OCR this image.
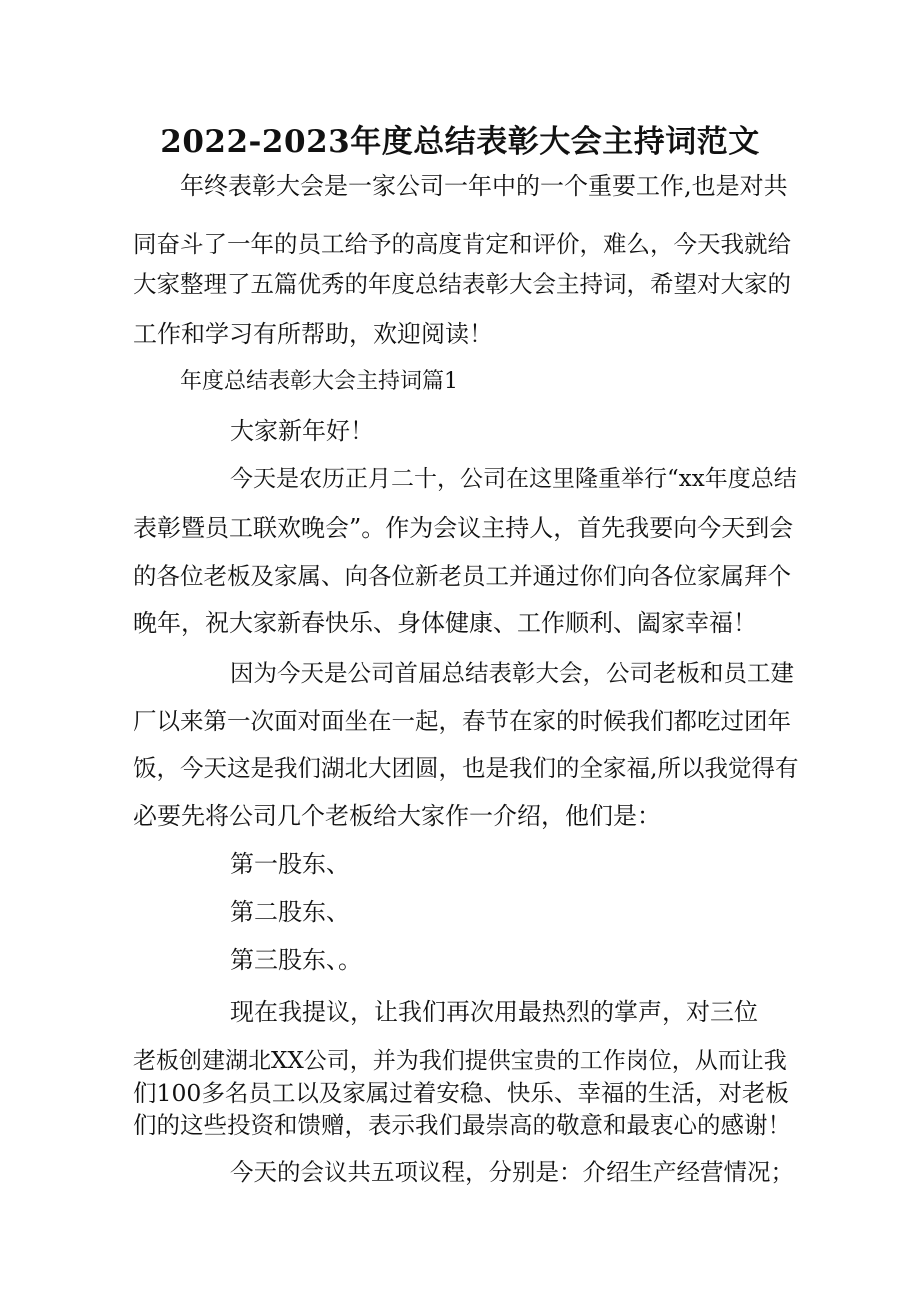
2022-2023年度总结表彰大会主持词范文
年终表彰大会是一家公司一年中的一个重要工作,也是对共
同奋斗了一年的员工给予的高度肯定和评价，难么，今天我就给
大家整理了五篇优秀的年度总结表彰大会主持词，希望对大家的
工作和学习有所帮助，欢迎阅读！
年度总结表彰大会主持词篇1
大家新年好！
今天是农历正月二十，公司在这里隆重举行“xx年度总结
表彰暨员工联欢晚会”。作为会议主持人，首先我要向今天到会
的各位老板及家属、向各位新老员工并通过你们向各位家属拜个
晚年，祝大家新春快乐、身体健康、工作顺利、阖家幸福！
因为今天是公司首届总结表彰大会，公司老板和员工建
厂以来第一次面对面坐在一起，春节在家的时候我们都吃过团年
饭，今天这是我们湖北大团圆，也是我们的全家福,所以我觉得有
必要先将公司几个老板给大家作一介绍，他们是：
第一股东、
第二股东、
第三股东、。
现在我提议，让我们再次用最热烈的掌声，对三位
老板创建湖北XX公司，并为我们提供宝贵的工作岗位，从而让我
们100多名员工以及家属过着安稳、快乐、幸福的生活，对老板
们的这些投资和馈赠，表示我们最崇高的敬意和最衷心的感谢！
今天的会议共五项议程，分别是：介绍生产经营情况；
